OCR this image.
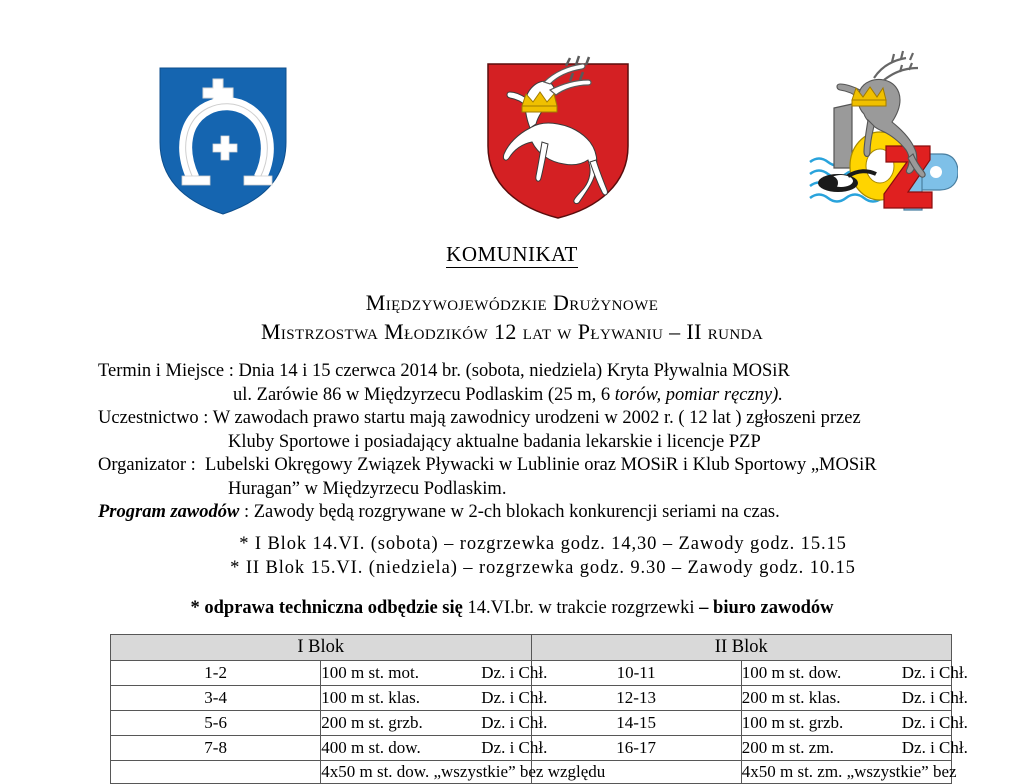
KOMUNIKAT
Międzywojewódzkie Drużynowe
Mistrzostwa Młodzików 12 lat w Pływaniu – II runda
Termin i Miejsce : Dnia 14 i 15 czerwca 2014 br. (sobota, niedziela) Kryta Pływalnia MOSiR
ul. Zarówie 86 w Międzyrzecu Podlaskim (25 m, 6 torów, pomiar ręczny).
Uczestnictwo : W zawodach prawo startu mają zawodnicy urodzeni w 2002 r. ( 12 lat ) zgłoszeni przez
Kluby Sportowe i posiadający aktualne badania lekarskie i licencje PZP
Organizator : Lubelski Okręgowy Związek Pływacki w Lublinie oraz MOSiR i Klub Sportowy „MOSiR
Huragan” w Międzyrzecu Podlaskim.
Program zawodów : Zawody będą rozgrywane w 2-ch blokach konkurencji seriami na czas.
* I Blok 14.VI. (sobota) – rozgrzewka godz. 14,30 – Zawody godz. 15.15
* II Blok 15.VI. (niedziela) – rozgrzewka godz. 9.30 – Zawody godz. 10.15
* odprawa techniczna odbędzie się 14.VI.br. w trakcie rozgrzewki – biuro zawodów
I Blok		II Blok	
1-2	100 m st. mot. Dz. i Chł.	10-11	100 m st. dow. Dz. i Chł.
3-4	100 m st. klas. Dz. i Chł.	12-13	200 m st. klas. Dz. i Chł.
5-6	200 m st. grzb. Dz. i Chł.	14-15	100 m st. grzb. Dz. i Chł.
7-8	400 m st. dow. Dz. i Chł.	16-17	200 m st. zm. Dz. i Chł.

	4x50 m st. dow. „wszystkie” bez względu		4x50 m st. zm. „wszystkie” bez
